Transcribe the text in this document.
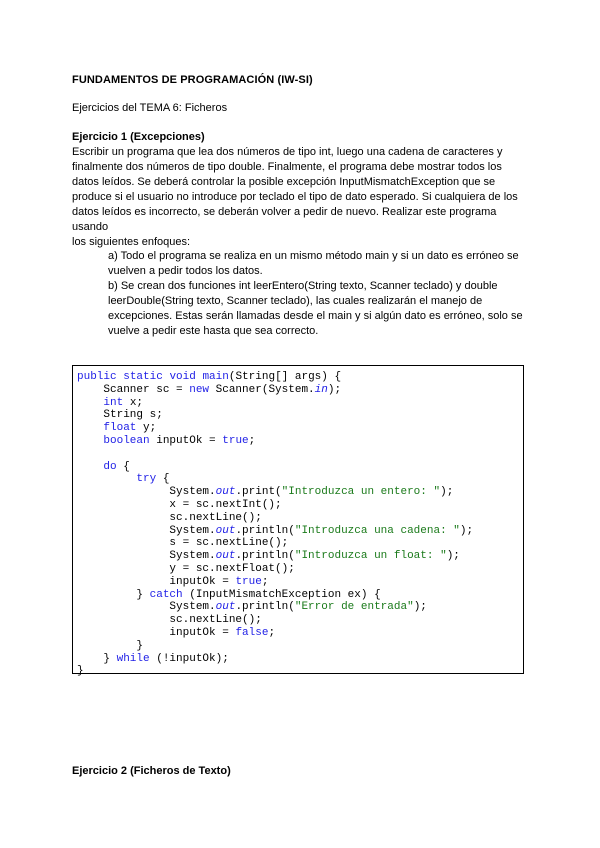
FUNDAMENTOS DE PROGRAMACIÓN (IW-SI)

Ejercicios del TEMA 6: Ficheros

Ejercicio 1 (Excepciones)

Escribir un programa que lea dos números de tipo int, luego una cadena de caracteres y

finalmente dos números de tipo double. Finalmente, el programa debe mostrar todos los

datos leídos. Se deberá controlar la posible excepción InputMismatchException que se

produce si el usuario no introduce por teclado el tipo de dato esperado. Si cualquiera de los

datos leídos es incorrecto, se deberán volver a pedir de nuevo. Realizar este programa

usando

los siguientes enfoques:

a) Todo el programa se realiza en un mismo método main y si un dato es erróneo se

vuelven a pedir todos los datos.

b) Se crean dos funciones int leerEntero(String texto, Scanner teclado) y double

leerDouble(String texto, Scanner teclado), las cuales realizarán el manejo de

excepciones. Estas serán llamadas desde el main y si algún dato es erróneo, solo se

vuelve a pedir este hasta que sea correcto.

public static void main(String[] args) {
Scanner sc = new Scanner(System.in);
int x;
String s;
float y;
boolean inputOk = true;

do {
try {
System.out.print("Introduzca un entero: ");
x = sc.nextInt();
sc.nextLine();
System.out.println("Introduzca una cadena: ");
s = sc.nextLine();
System.out.println("Introduzca un float: ");
y = sc.nextFloat();
inputOk = true;
} catch (InputMismatchException ex) {
System.out.println("Error de entrada");
sc.nextLine();
inputOk = false;
}
} while (!inputOk);
}
Ejercicio 2 (Ficheros de Texto)
